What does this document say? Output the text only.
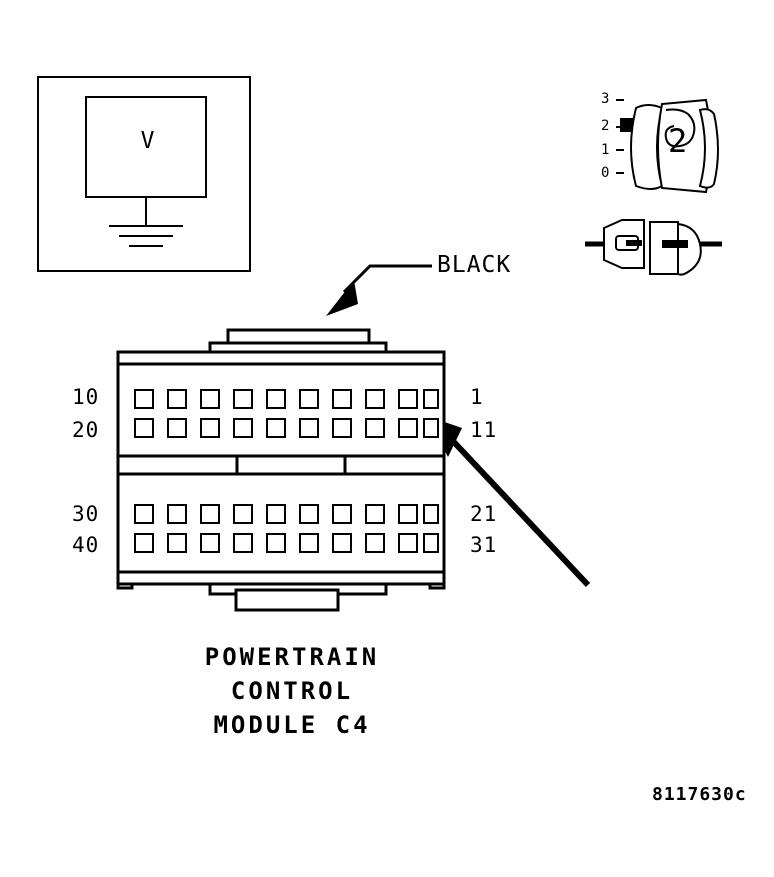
V
3
2
1
0
2
BLACK
10
20
30
40
1
11
21
31
POWERTRAIN
CONTROL
MODULE C4
8117630c
